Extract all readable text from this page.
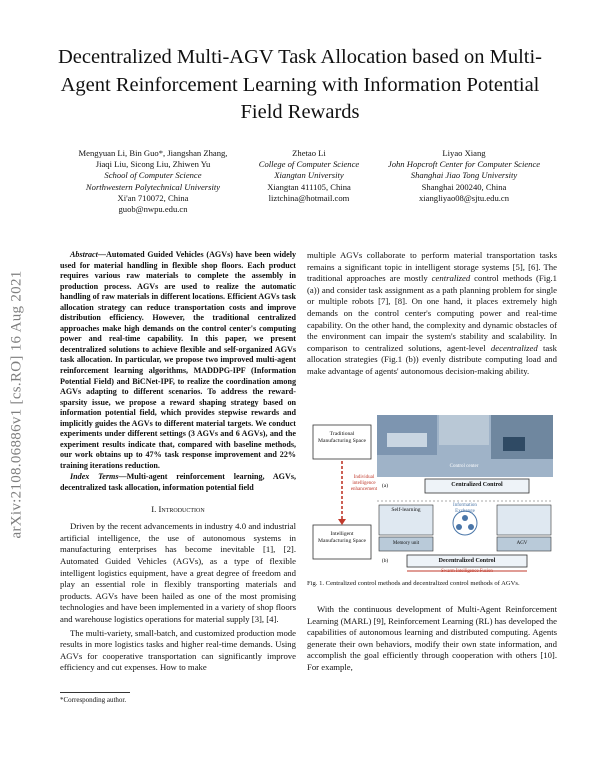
Decentralized Multi-AGV Task Allocation based on Multi-Agent Reinforcement Learning with Information Potential Field Rewards
arXiv:2108.06886v1 [cs.RO] 16 Aug 2021
Mengyuan Li, Bin Guo*, Jiangshan Zhang,
Jiaqi Liu, Sicong Liu, Zhiwen Yu
School of Computer Science
Northwestern Polytechnical University
Xi'an 710072, China
guob@nwpu.edu.cn
Zhetao Li
College of Computer Science
Xiangtan University
Xiangtan 411105, China
liztchina@hotmail.com
Liyao Xiang
John Hopcroft Center for Computer Science
Shanghai Jiao Tong University
Shanghai 200240, China
xiangliyao08@sjtu.edu.cn
Abstract—Automated Guided Vehicles (AGVs) have been widely used for material handling in flexible shop floors. Each product requires various raw materials to complete the assembly in production process. AGVs are used to realize the automatic handling of raw materials in different locations. Efficient AGVs task allocation strategy can reduce transportation costs and improve distribution efficiency. However, the traditional centralized approaches make high demands on the control center's computing power and real-time capability. In this paper, we present decentralized solutions to achieve flexible and self-organized AGVs task allocation. In particular, we propose two improved multi-agent reinforcement learning algorithms, MADDPG-IPF (Information Potential Field) and BiCNet-IPF, to realize the coordination among AGVs adapting to different scenarios. To address the reward-sparsity issue, we propose a reward shaping strategy based on information potential field, which provides stepwise rewards and implicitly guides the AGVs to different material targets. We conduct experiments under different settings (3 AGVs and 6 AGVs), and the experiment results indicate that, compared with baseline methods, our work obtains up to 47% task response improvement and 22% training iterations reduction.
Index Terms—Multi-agent reinforcement learning, AGVs, decentralized task allocation, information potential field
I. Introduction

Driven by the recent advancements in industry 4.0 and industrial artificial intelligence, the use of autonomous systems in manufacturing enterprises has become inevitable [1], [2]. Automated Guided Vehicles (AGVs), as a type of flexible intelligent logistics equipment, have a great degree of freedom and play an essential role in flexibly transporting materials and products. AGVs have been hailed as one of the most promising technologies and have been implemented in a variety of shop floors and warehouse logistics operations for material supply [3], [4].

The multi-variety, small-batch, and customized production mode results in more logistics tasks and higher real-time demands. Using AGVs for cooperative transportation can significantly improve efficiency and cut expenses. How to make

*Corresponding author.

multiple AGVs collaborate to perform material transportation tasks remains a significant topic in intelligent storage systems [5], [6]. The traditional approaches are mostly centralized control methods (Fig.1 (a)) and consider task assignment as a path planning problem for single or multiple robots [7], [8]. On one hand, it places extremely high demands on the control center's computing power and real-time capability. On the other hand, the complexity and dynamic obstacles of the environment can impair the system's stability and scalability. In comparison to centralized solutions, agent-level decentralized task allocation strategies (Fig.1 (b)) evenly distribute computing load and make advantage of agents' autonomous decision-making ability.

Traditional Manufacturing Space
Intelligent Manufacturing Space
Individual intelligence enhancement
Control center
(a)	Centralized Control
Self-learning
Memory unit
Information Exchange
AGV
(b)	Decentralized Control
Swarm Intelligence Fusion
Fig. 1. Centralized control methods and decentralized control methods of AGVs.

With the continuous development of Multi-Agent Reinforcement Learning (MARL) [9], Reinforcement Learning (RL) has developed the capabilities of autonomous learning and distributed computing. Agents generate their own behaviors, modify their own state information, and accomplish the goal efficiently through cooperation with others [10]. For example,
